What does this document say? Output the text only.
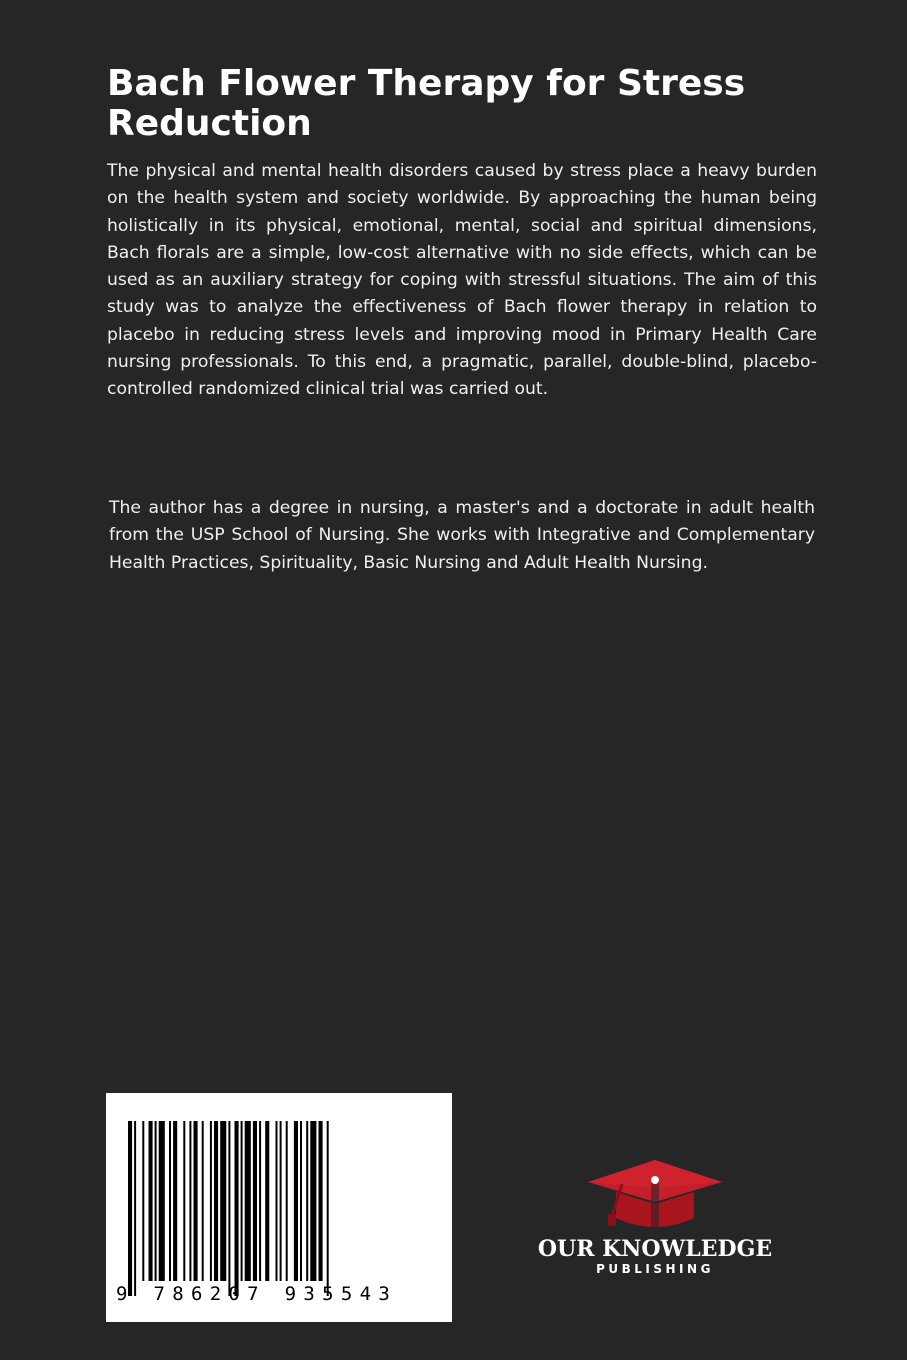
Bach Flower Therapy for Stress Reduction

The physical and mental health disorders caused by stress place a heavy burden on the health system and society worldwide. By approaching the human being holistically in its physical, emotional, mental, social and spiritual dimensions, Bach florals are a simple, low-cost alternative with no side effects, which can be used as an auxiliary strategy for coping with stressful situations. The aim of this study was to analyze the effectiveness of Bach flower therapy in relation to placebo in reducing stress levels and improving mood in Primary Health Care nursing professionals. To this end, a pragmatic, parallel, double-blind, placebo-controlled randomized clinical trial was carried out.

The author has a degree in nursing, a master's and a doctorate in adult health from the USP School of Nursing. She works with Integrative and Complementary Health Practices, Spirituality, Basic Nursing and Adult Health Nursing.

9 786207 935543
OUR KNOWLEDGE
PUBLISHING
